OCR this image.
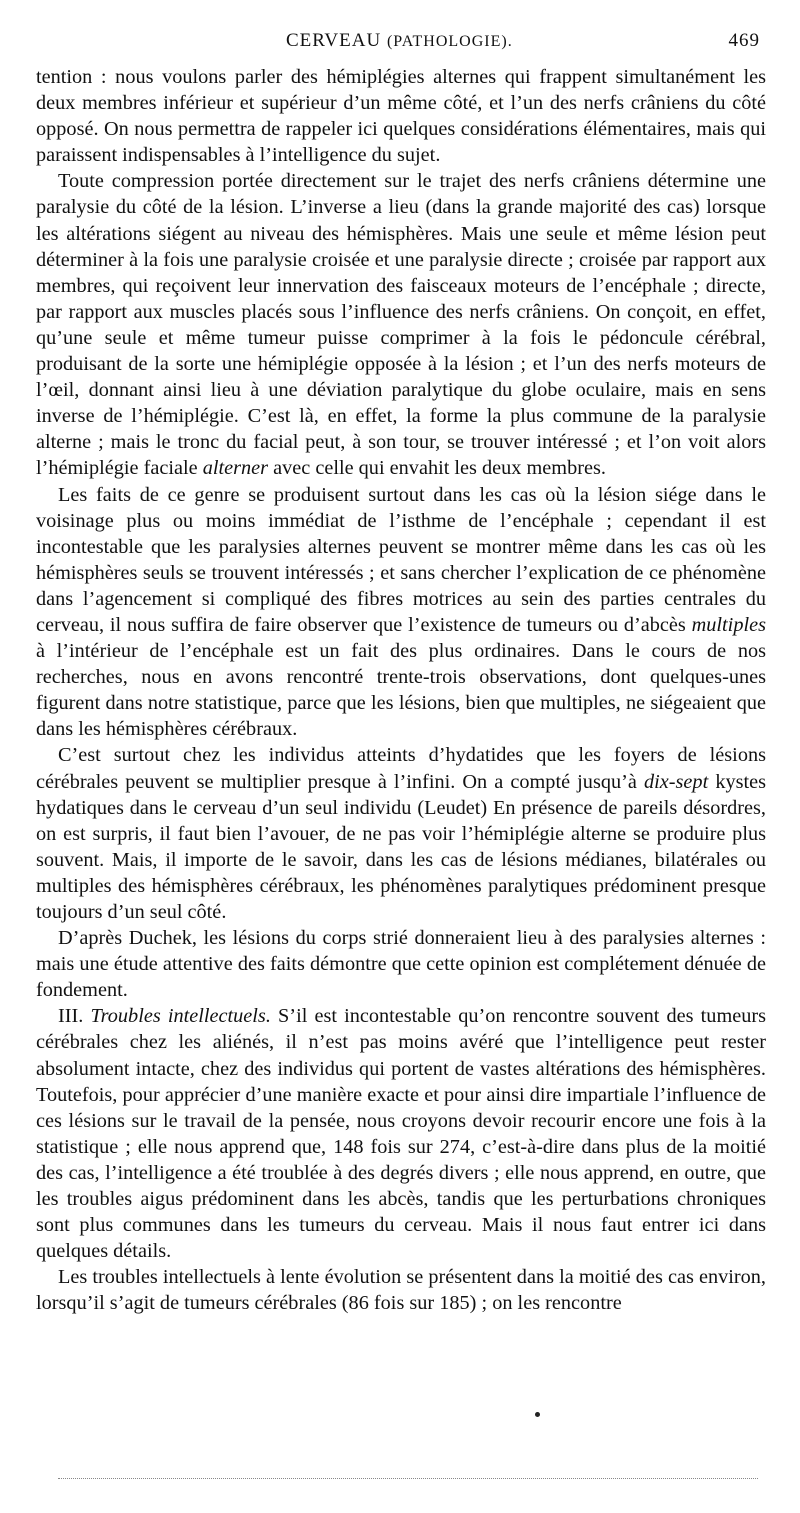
CERVEAU (PATHOLOGIE).	469

tention : nous voulons parler des hémiplégies alternes qui frappent simultanément les deux membres inférieur et supérieur d’un même côté, et l’un des nerfs crâniens du côté opposé. On nous permettra de rappeler ici quelques considérations élémentaires, mais qui paraissent indispensables à l’intelligence du sujet.

Toute compression portée directement sur le trajet des nerfs crâniens détermine une paralysie du côté de la lésion. L’inverse a lieu (dans la grande majorité des cas) lorsque les altérations siégent au niveau des hémisphères. Mais une seule et même lésion peut déterminer à la fois une paralysie croisée et une paralysie directe ; croisée par rapport aux membres, qui reçoivent leur innervation des faisceaux moteurs de l’encéphale ; directe, par rapport aux muscles placés sous l’influence des nerfs crâniens. On conçoit, en effet, qu’une seule et même tumeur puisse comprimer à la fois le pédoncule cérébral, produisant de la sorte une hémiplégie opposée à la lésion ; et l’un des nerfs moteurs de l’œil, donnant ainsi lieu à une déviation paralytique du globe oculaire, mais en sens inverse de l’hémiplégie. C’est là, en effet, la forme la plus commune de la paralysie alterne ; mais le tronc du facial peut, à son tour, se trouver intéressé ; et l’on voit alors l’hémiplégie faciale alterner avec celle qui envahit les deux membres.

Les faits de ce genre se produisent surtout dans les cas où la lésion siége dans le voisinage plus ou moins immédiat de l’isthme de l’encéphale ; cependant il est incontestable que les paralysies alternes peuvent se montrer même dans les cas où les hémisphères seuls se trouvent intéressés ; et sans chercher l’explication de ce phénomène dans l’agencement si compliqué des fibres motrices au sein des parties centrales du cerveau, il nous suffira de faire observer que l’existence de tumeurs ou d’abcès multiples à l’intérieur de l’encéphale est un fait des plus ordinaires. Dans le cours de nos recherches, nous en avons rencontré trente-trois observations, dont quelques-unes figurent dans notre statistique, parce que les lésions, bien que multiples, ne siégeaient que dans les hémisphères cérébraux.

C’est surtout chez les individus atteints d’hydatides que les foyers de lésions cérébrales peuvent se multiplier presque à l’infini. On a compté jusqu’à dix-sept kystes hydatiques dans le cerveau d’un seul individu (Leudet) En présence de pareils désordres, on est surpris, il faut bien l’avouer, de ne pas voir l’hémiplégie alterne se produire plus souvent. Mais, il importe de le savoir, dans les cas de lésions médianes, bilatérales ou multiples des hémisphères cérébraux, les phénomènes paralytiques prédominent presque toujours d’un seul côté.

D’après Duchek, les lésions du corps strié donneraient lieu à des paralysies alternes : mais une étude attentive des faits démontre que cette opinion est complétement dénuée de fondement.

III. Troubles intellectuels. S’il est incontestable qu’on rencontre souvent des tumeurs cérébrales chez les aliénés, il n’est pas moins avéré que l’intelligence peut rester absolument intacte, chez des individus qui portent de vastes altérations des hémisphères. Toutefois, pour apprécier d’une manière exacte et pour ainsi dire impartiale l’influence de ces lésions sur le travail de la pensée, nous croyons devoir recourir encore une fois à la statistique ; elle nous apprend que, 148 fois sur 274, c’est-à-dire dans plus de la moitié des cas, l’intelligence a été troublée à des degrés divers ; elle nous apprend, en outre, que les troubles aigus prédominent dans les abcès, tandis que les perturbations chroniques sont plus communes dans les tumeurs du cerveau. Mais il nous faut entrer ici dans quelques détails.

Les troubles intellectuels à lente évolution se présentent dans la moitié des cas environ, lorsqu’il s’agit de tumeurs cérébrales (86 fois sur 185) ; on les rencontre
